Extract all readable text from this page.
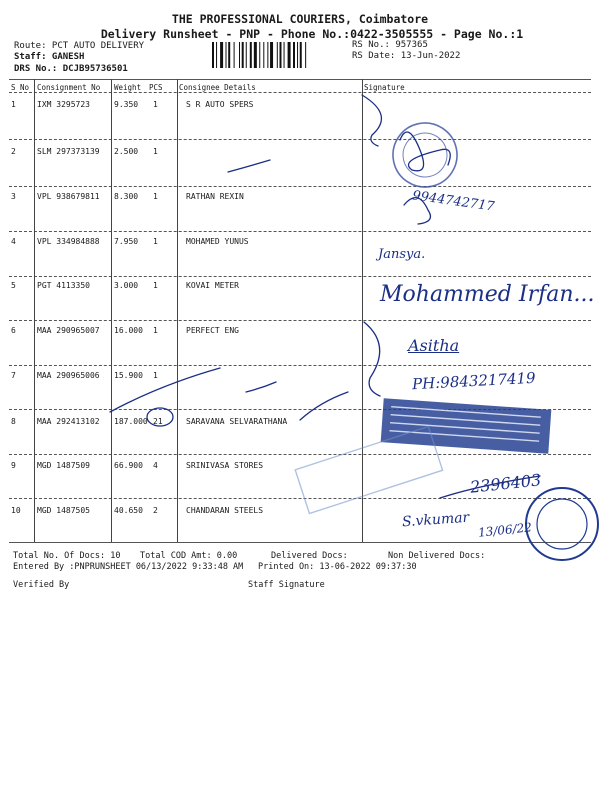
THE PROFESSIONAL COURIERS, Coimbatore
Delivery Runsheet - PNP - Phone No.:0422-3505555 - Page No.:1
Route: PCT AUTO DELIVERY
Staff: GANESH
DRS No.: DCJB95736501
RS No.: 957365
RS Date: 13-Jun-2022
S No Consignment No Weight PCS Consignee Details	Signature
1	IXM 3295723	9.350 1	S R AUTO SPERS
2	SLM 297373139 2.500 1
3	VPL 938679811 8.300 1	RATHAN REXIN
4	VPL 334984888 7.950 1	MOHAMED YUNUS
5	PGT 4113350	3.000 1	KOVAI METER
6	MAA 290965007 16.000 1	PERFECT ENG
7	MAA 290965006 15.900 1
8	MAA 292413102 187.000 21	SARAVANA SELVARATHANA
9	MGD 1487509	66.900 4	SRINIVASA STORES
10 MGD 1487505	40.650 2	CHANDARAN STEELS
Total No. Of Docs: 10 Total COD Amt: 0.00	Delivered Docs:	Non Delivered Docs:
Entered By :PNPRUNSHEET 06/13/2022 9:33:48 AM Printed On: 13-06-2022 09:37:30
Verified By	Staff Signature
9944742717
Jansya.
Mohammed Irfan...
Asitha
PH:9843217419
2396403
S.vkumar 13/06/22
